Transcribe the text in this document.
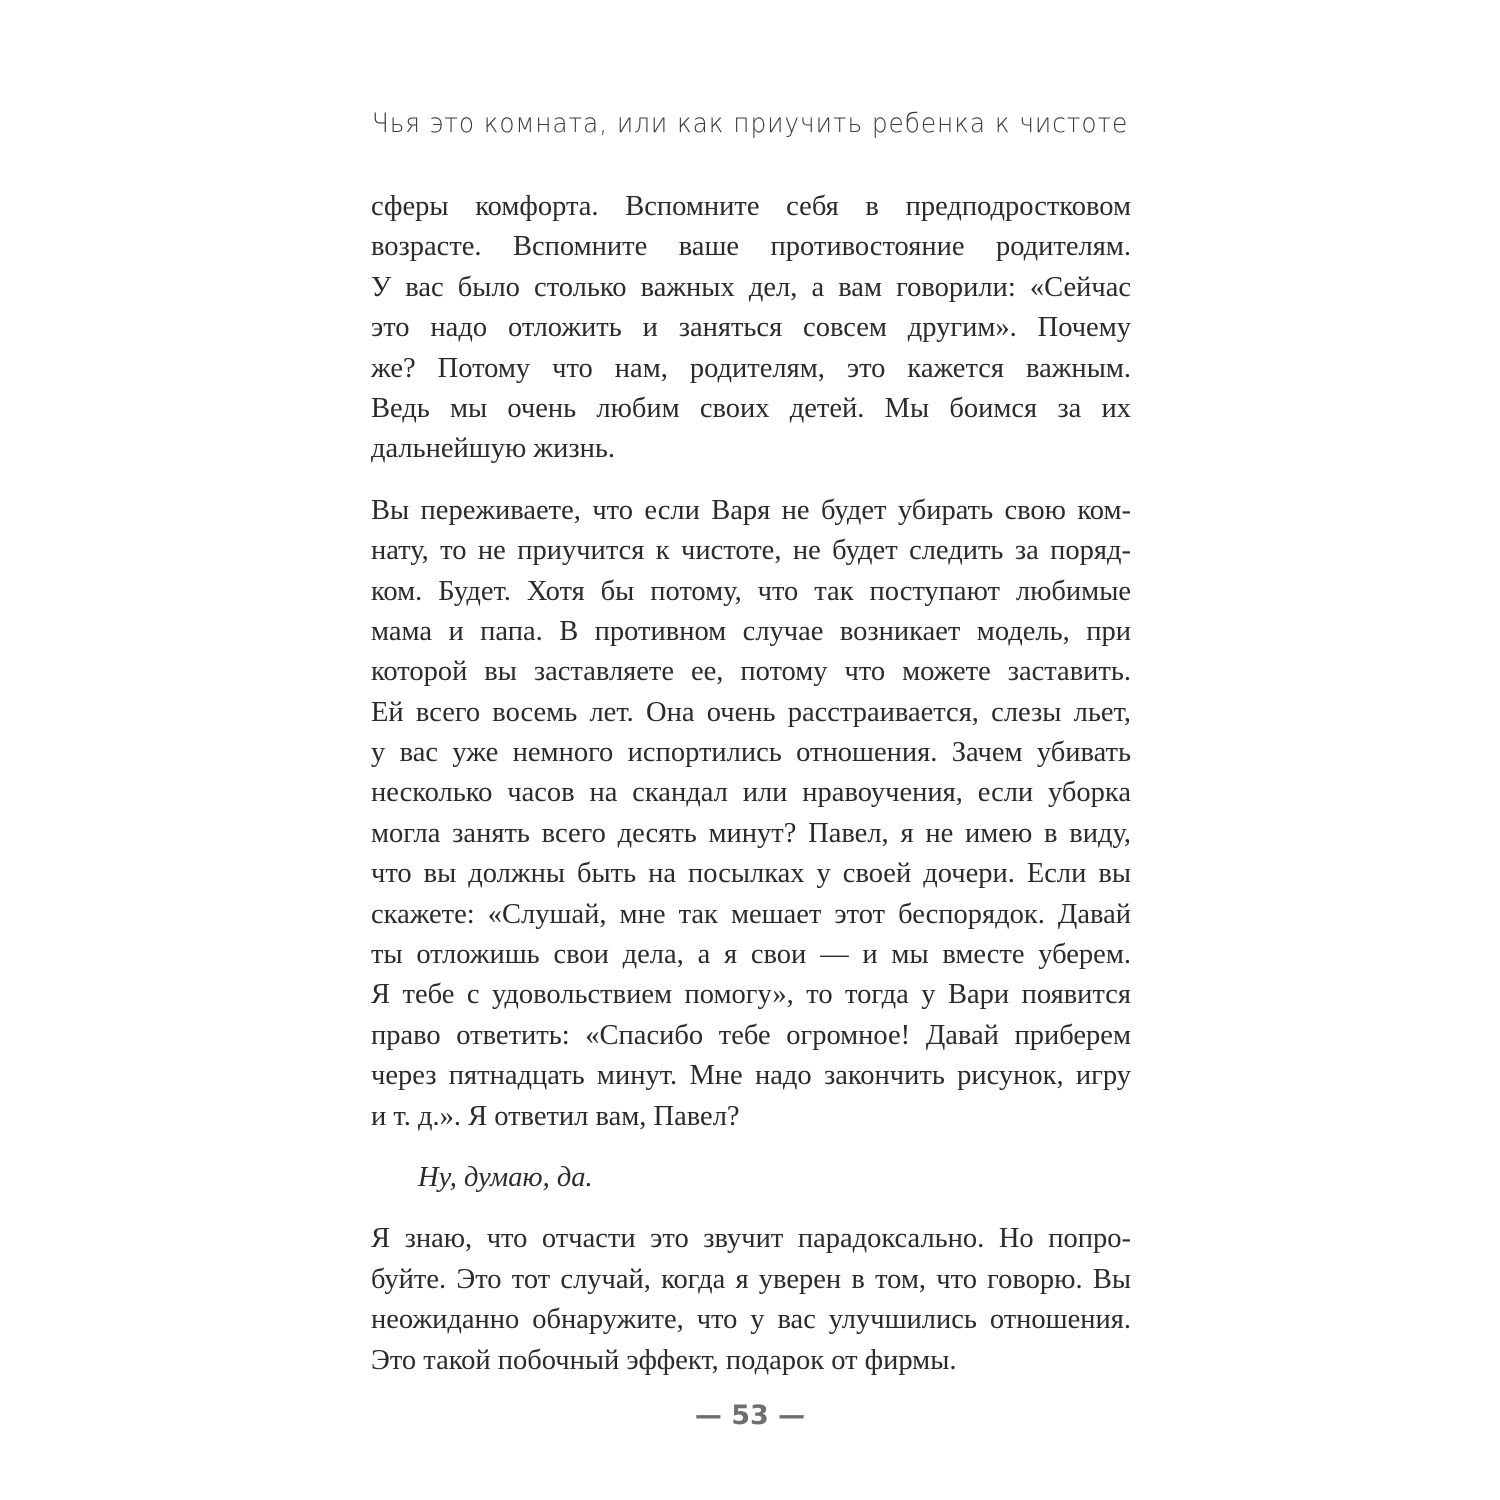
Чья это комната, или как приучить ребенка к чистоте
сферы комфорта. Вспомните себя в предподростковом
возрасте. Вспомните ваше противостояние родителям.
У вас было столько важных дел, а вам говорили: «Сейчас
это надо отложить и заняться совсем другим». Почему
же? Потому что нам, родителям, это кажется важным.
Ведь мы очень любим своих детей. Мы боимся за их
дальнейшую жизнь.
Вы переживаете, что если Варя не будет убирать свою ком-
нату, то не приучится к чистоте, не будет следить за поряд-
ком. Будет. Хотя бы потому, что так поступают любимые
мама и папа. В противном случае возникает модель, при
которой вы заставляете ее, потому что можете заставить.
Ей всего восемь лет. Она очень расстраивается, слезы льет,
у вас уже немного испортились отношения. Зачем убивать
несколько часов на скандал или нравоучения, если уборка
могла занять всего десять минут? Павел, я не имею в виду,
что вы должны быть на посылках у своей дочери. Если вы
скажете: «Слушай, мне так мешает этот беспорядок. Давай
ты отложишь свои дела, а я свои — и мы вместе уберем.
Я тебе с удовольствием помогу», то тогда у Вари появится
право ответить: «Спасибо тебе огромное! Давай приберем
через пятнадцать минут. Мне надо закончить рисунок, игру
и т. д.». Я ответил вам, Павел?
Ну, думаю, да.
Я знаю, что отчасти это звучит парадоксально. Но попро-
буйте. Это тот случай, когда я уверен в том, что говорю. Вы
неожиданно обнаружите, что у вас улучшились отношения.
Это такой побочный эффект, подарок от фирмы.
— 53 —
